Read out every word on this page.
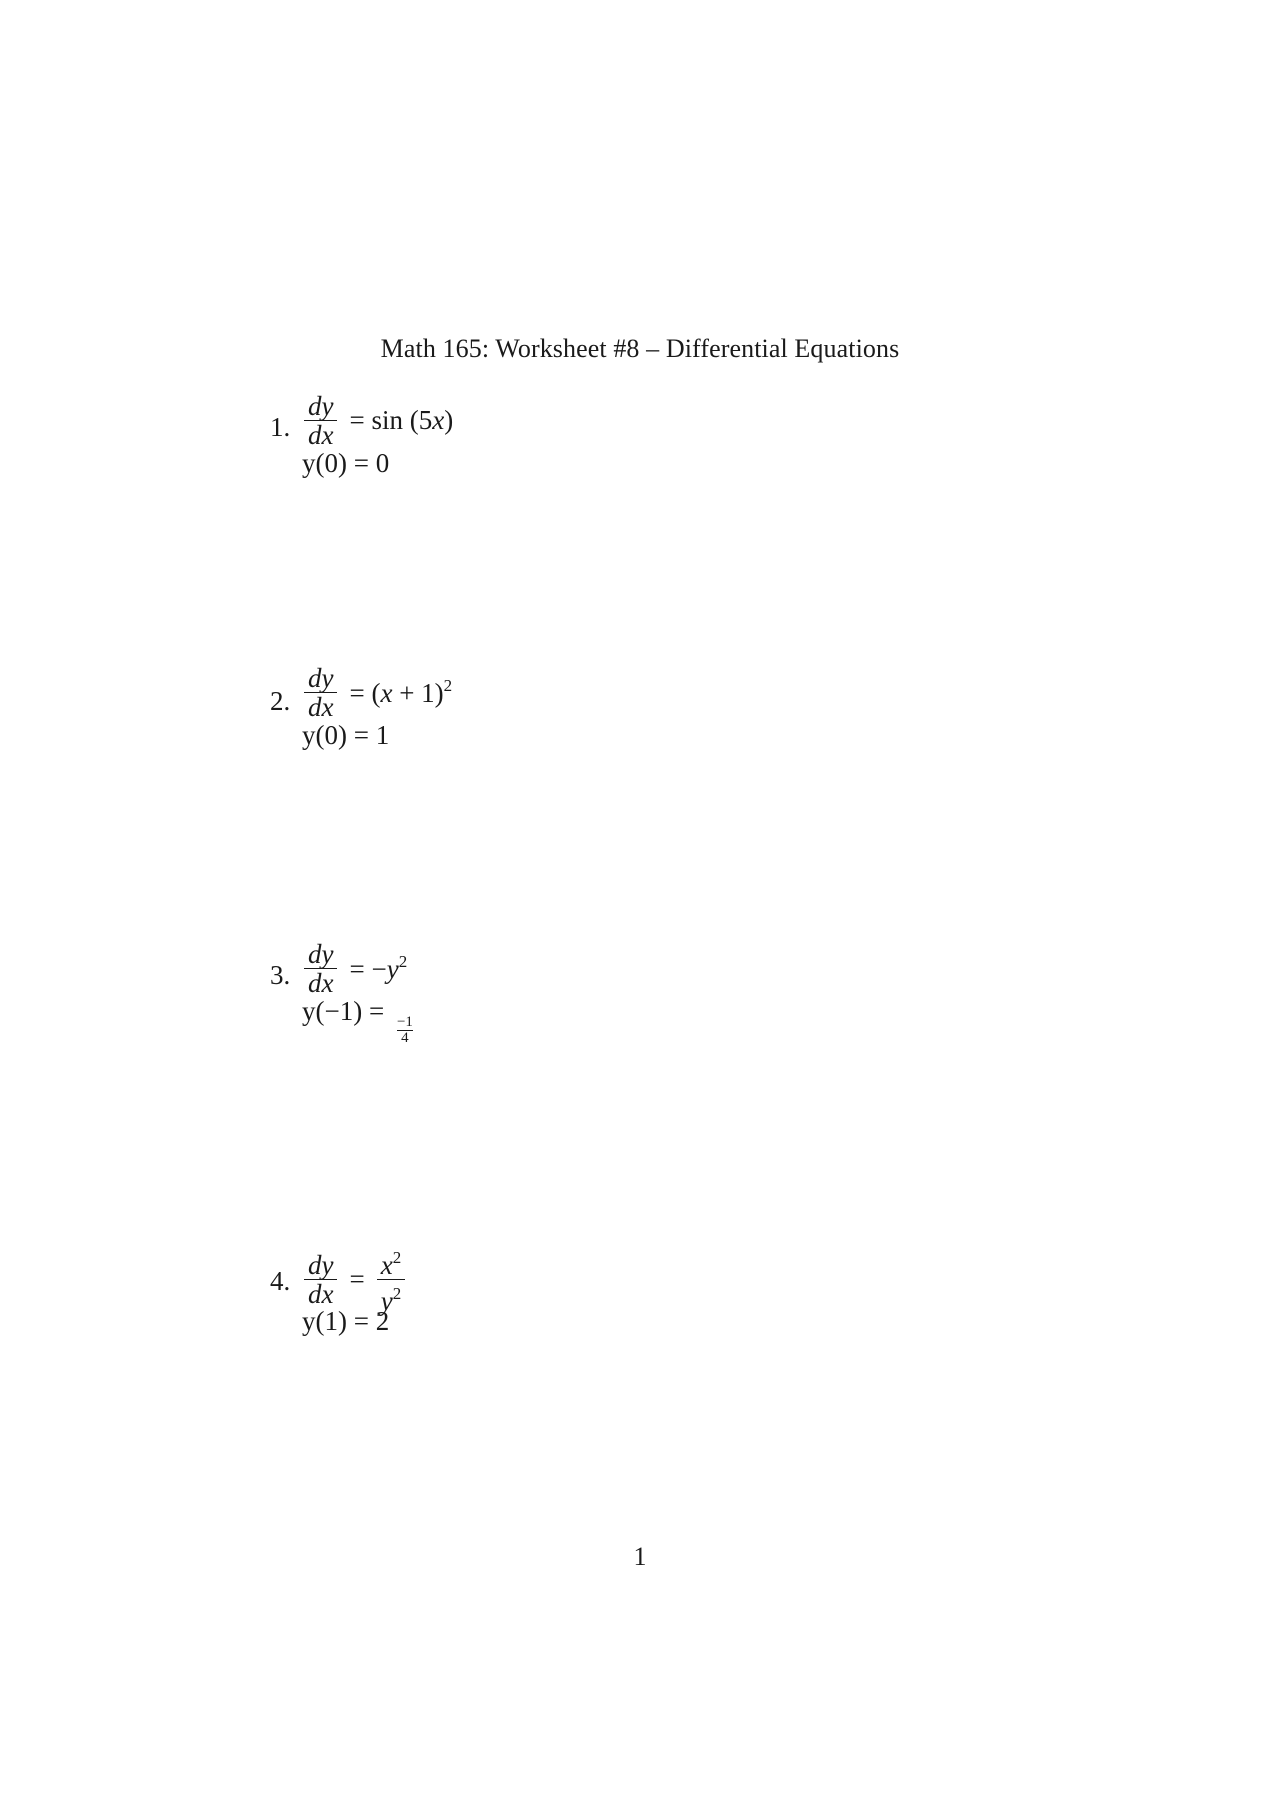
Math 165: Worksheet #8 – Differential Equations
1. $\frac{dy}{dx} = \sin (5x)$
y(0) = 0
2. $\frac{dy}{dx} = (x + 1)^2$
y(0) = 1
3. $\frac{dy}{dx} = -y^2$
y(−1) =
$\frac{-1}{4}$
4. $\frac{dy}{dx} = \frac{x^2}{y^2}$
y(1) = 2
1
